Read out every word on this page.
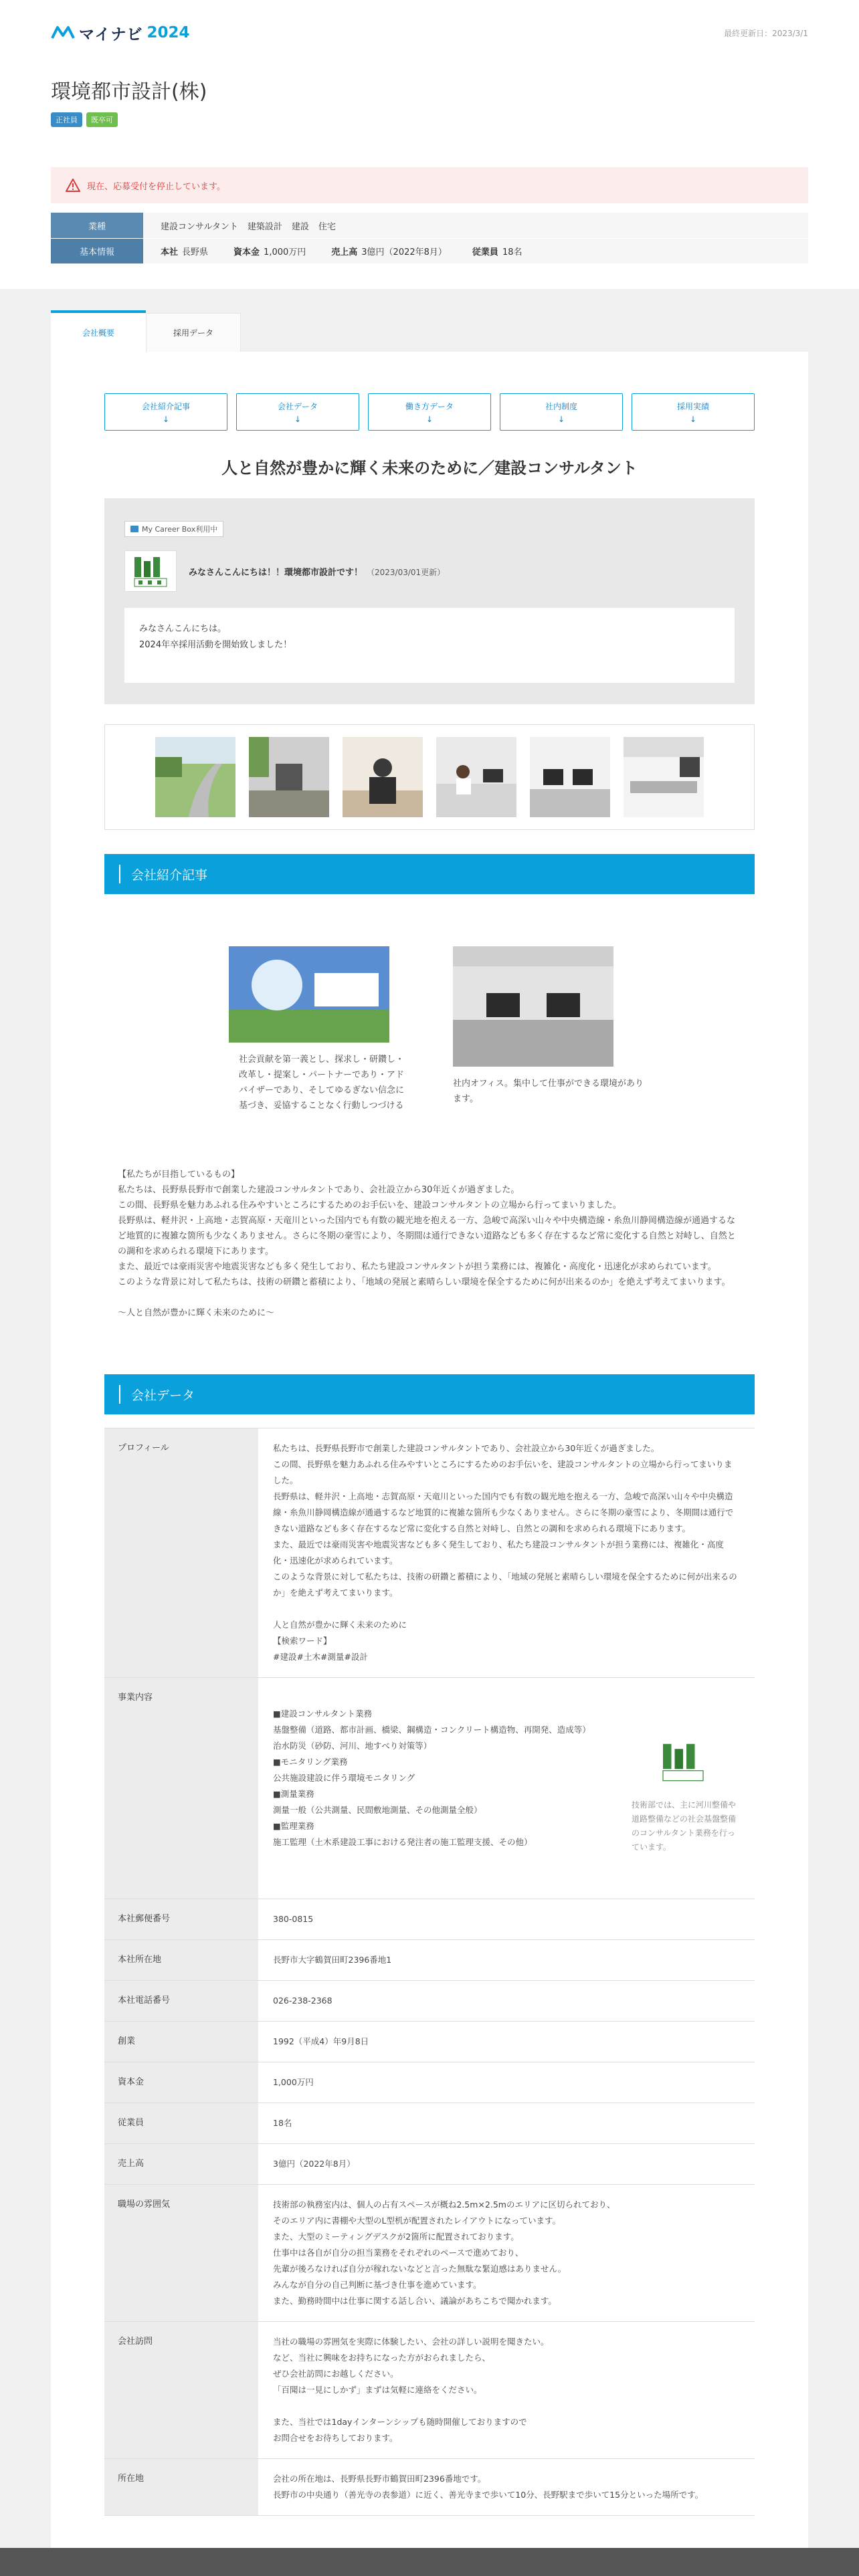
マイナビ 2024	最終更新日：2023/3/1
環境都市設計(株)
正社員	既卒可
現在、応募受付を停止しています。
業種	建設コンサルタント 建築設計 建設 住宅
基本情報	本社 長野県	資本金 1,000万円	売上高 3億円（2022年8月）	従業員 18名
会社概要	採用データ
会社紹介記事
↓
会社データ
↓
働き方データ
↓
社内制度
↓
採用実績
↓
人と自然が豊かに輝く未来のために／建設コンサルタント
My Career Box利用中
みなさんこんにちは！！環境都市設計です！ （2023/03/01更新）
みなさんこんにちは。
2024年卒採用活動を開始致しました！
会社紹介記事

社会貢献を第一義とし、探求し・研鑽し・改革し・提案し・パートナーであり・アドバイザーであり、そしてゆるぎない信念に基づき、妥協することなく行動しつづける

社内オフィス。集中して仕事ができる環境があります。

【私たちが目指しているもの】
私たちは、長野県長野市で創業した建設コンサルタントであり、会社設立から30年近くが過ぎました。
この間、長野県を魅力あふれる住みやすいところにするためのお手伝いを、建設コンサルタントの立場から行ってまいりました。
長野県は、軽井沢・上高地・志賀高原・天竜川といった国内でも有数の観光地を抱える一方、急峻で高深い山々や中央構造線・糸魚川静岡構造線が通過するなど地質的に複雑な箇所も少なくありません。さらに冬期の豪雪により、冬期間は通行できない道路なども多く存在するなど常に変化する自然と対峙し、自然との調和を求められる環境下にあります。
また、最近では豪雨災害や地震災害なども多く発生しており、私たち建設コンサルタントが担う業務には、複雑化・高度化・迅速化が求められています。
このような背景に対して私たちは、技術の研鑽と蓄積により、「地域の発展と素晴らしい環境を保全するために何が出来るのか」を絶えず考えてまいります。

～人と自然が豊かに輝く未来のために～
会社データ
プロフィール	私たちは、長野県長野市で創業した建設コンサルタントであり、会社設立から30年近くが過ぎました。
この間、長野県を魅力あふれる住みやすいところにするためのお手伝いを、建設コンサルタントの立場から行ってまいりました。
長野県は、軽井沢・上高地・志賀高原・天竜川といった国内でも有数の観光地を抱える一方、急峻で高深い山々や中央構造線・糸魚川静岡構造線が通過するなど地質的に複雑な箇所も少なくありません。さらに冬期の豪雪により、冬期間は通行できない道路なども多く存在するなど常に変化する自然と対峙し、自然との調和を求められる環境下にあります。
また、最近では豪雨災害や地震災害なども多く発生しており、私たち建設コンサルタントが担う業務には、複雑化・高度化・迅速化が求められています。
このような背景に対して私たちは、技術の研鑽と蓄積により、「地域の発展と素晴らしい環境を保全するために何が出来るのか」を絶えず考えてまいります。

人と自然が豊かに輝く未来のために
【検索ワード】
#建設#土木#測量#設計
事業内容

■建設コンサルタント業務
基盤整備（道路、都市計画、橋梁、鋼構造・コンクリート構造物、再開発、造成等）
治水防災（砂防、河川、地すべり対策等）
■モニタリング業務
公共施設建設に伴う環境モニタリング
■測量業務
測量一般（公共測量、民間敷地測量、その他測量全般）
■監理業務
施工監理（土木系建設工事における発注者の施工監理支援、その他）

技術部では、主に河川整備や道路整備などの社会基盤整備のコンサルタント業務を行っています。

本社郵便番号	380-0815
本社所在地	長野市大字鶴賀田町2396番地1
本社電話番号	026-238-2368
創業	1992（平成4）年9月8日
資本金	1,000万円
従業員	18名
売上高	3億円（2022年8月）
職場の雰囲気	技術部の執務室内は、個人の占有スペースが概ね2.5m×2.5mのエリアに区切られており、
そのエリア内に書棚や大型のL型机が配置されたレイアウトになっています。
また、大型のミーティングデスクが2箇所に配置されております。
仕事中は各自が自分の担当業務をそれぞれのペースで進めており、
先輩が後ろなければ自分が稼れないなどと言った無駄な緊迫感はありません。
みんなが自分の自己判断に基づき仕事を進めています。
また、勤務時間中は仕事に関する話し合い、議論があちこちで聞かれます。
会社訪問	当社の職場の雰囲気を実際に体験したい、会社の詳しい説明を聞きたい。
など、当社に興味をお持ちになった方がおられましたら、
ぜひ会社訪問にお越しください。
「百聞は一見にしかず」まずは気軽に連絡をください。

また、当社では1dayインターンシップも随時開催しておりますので
お問合せをお待ちしております。
所在地	会社の所在地は、長野県長野市鶴賀田町2396番地です。
長野市の中央通り（善光寺の表参道）に近く、善光寺まで歩いて10分、長野駅まで歩いて15分といった場所です。
